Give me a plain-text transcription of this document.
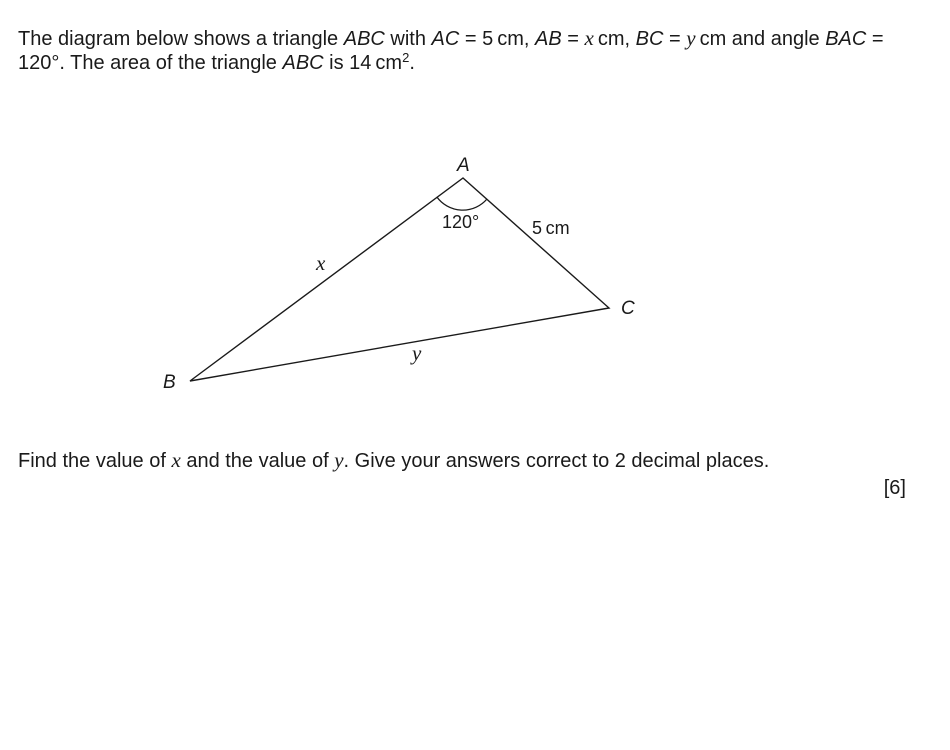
The diagram below shows a triangle ABC with AC = 5 cm, AB = x cm, BC = y cm and angle BAC = 120°. The area of the triangle ABC is 14 $cm^2$.

A
B
C
120°	5 cm
x
y

Find the value of x and the value of y. Give your answers correct to 2 decimal places.

[6]
